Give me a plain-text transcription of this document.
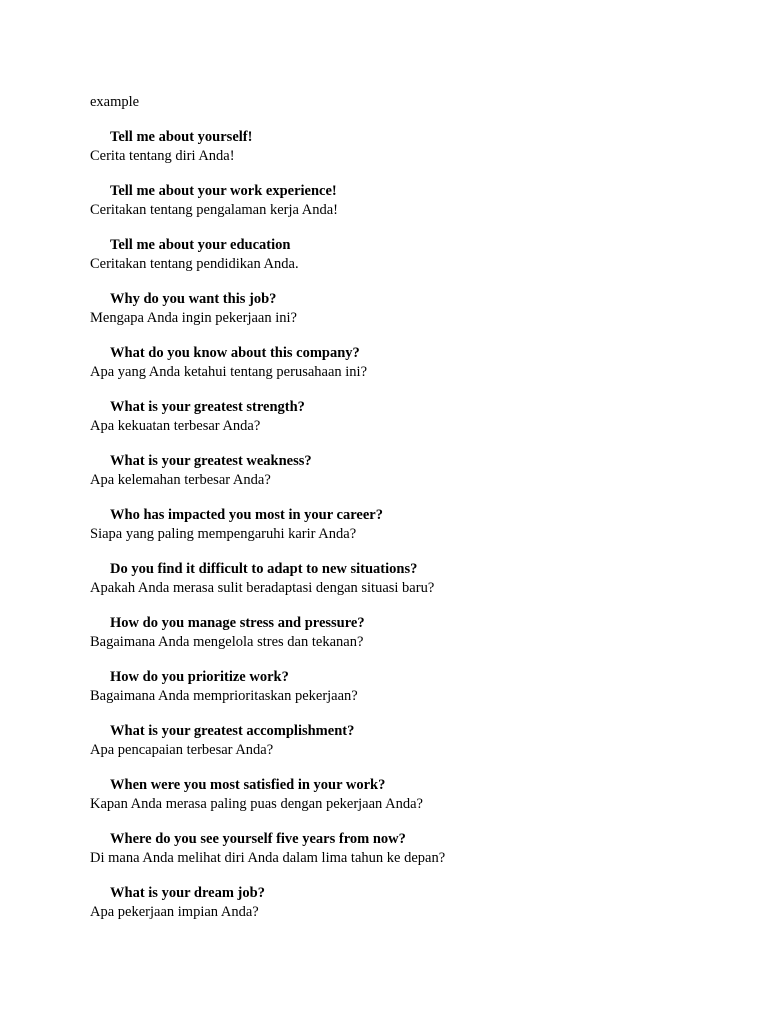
example
Tell me about yourself!
Cerita tentang diri Anda!
Tell me about your work experience!
Ceritakan tentang pengalaman kerja Anda!
Tell me about your education
Ceritakan tentang pendidikan Anda.
Why do you want this job?
Mengapa Anda ingin pekerjaan ini?
What do you know about this company?
Apa yang Anda ketahui tentang perusahaan ini?
What is your greatest strength?
Apa kekuatan terbesar Anda?
What is your greatest weakness?
Apa kelemahan terbesar Anda?
Who has impacted you most in your career?
Siapa yang paling mempengaruhi karir Anda?
Do you find it difficult to adapt to new situations?
Apakah Anda merasa sulit beradaptasi dengan situasi baru?
How do you manage stress and pressure?
Bagaimana Anda mengelola stres dan tekanan?
How do you prioritize work?
Bagaimana Anda memprioritaskan pekerjaan?
What is your greatest accomplishment?
Apa pencapaian terbesar Anda?
When were you most satisfied in your work?
Kapan Anda merasa paling puas dengan pekerjaan Anda?
Where do you see yourself five years from now?
Di mana Anda melihat diri Anda dalam lima tahun ke depan?
What is your dream job?
Apa pekerjaan impian Anda?
